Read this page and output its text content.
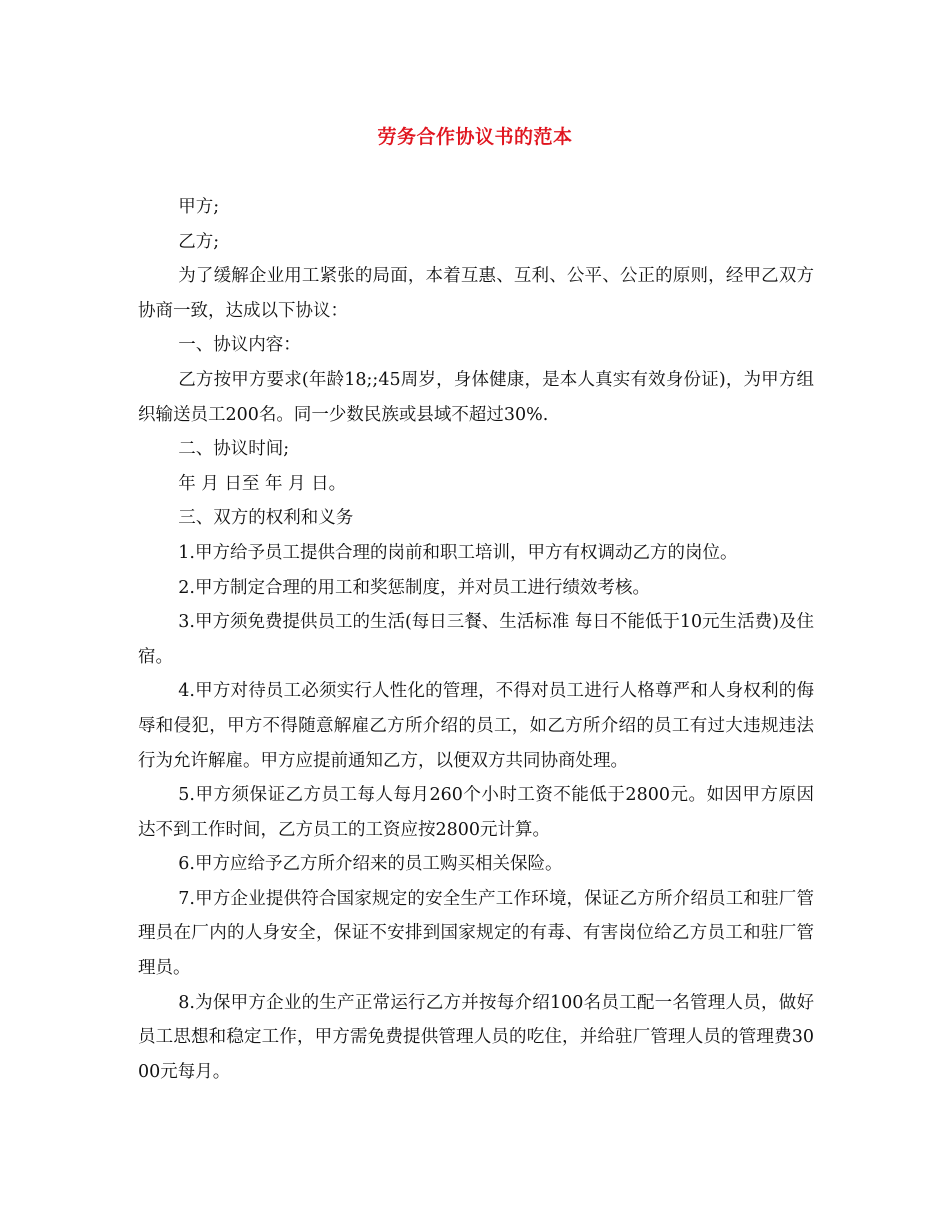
劳务合作协议书的范本

甲方;

乙方;

为了缓解企业用工紧张的局面，本着互惠、互利、公平、公正的原则，经甲乙双方协商一致，达成以下协议：

一、协议内容：

乙方按甲方要求(年龄18;;45周岁，身体健康，是本人真实有效身份证)，为甲方组织输送员工200名。同一少数民族或县域不超过30%.

二、协议时间;

年 月 日至 年 月 日。

三、双方的权利和义务

1.甲方给予员工提供合理的岗前和职工培训，甲方有权调动乙方的岗位。

2.甲方制定合理的用工和奖惩制度，并对员工进行绩效考核。

3.甲方须免费提供员工的生活(每日三餐、生活标准 每日不能低于10元生活费)及住宿。

4.甲方对待员工必须实行人性化的管理，不得对员工进行人格尊严和人身权利的侮辱和侵犯，甲方不得随意解雇乙方所介绍的员工，如乙方所介绍的员工有过大违规违法行为允许解雇。甲方应提前通知乙方，以便双方共同协商处理。

5.甲方须保证乙方员工每人每月260个小时工资不能低于2800元。如因甲方原因达不到工作时间，乙方员工的工资应按2800元计算。

6.甲方应给予乙方所介绍来的员工购买相关保险。

7.甲方企业提供符合国家规定的安全生产工作环境，保证乙方所介绍员工和驻厂管理员在厂内的人身安全，保证不安排到国家规定的有毒、有害岗位给乙方员工和驻厂管理员。

8.为保甲方企业的生产正常运行乙方并按每介绍100名员工配一名管理人员，做好员工思想和稳定工作，甲方需免费提供管理人员的吃住，并给驻厂管理人员的管理费3000元每月。
